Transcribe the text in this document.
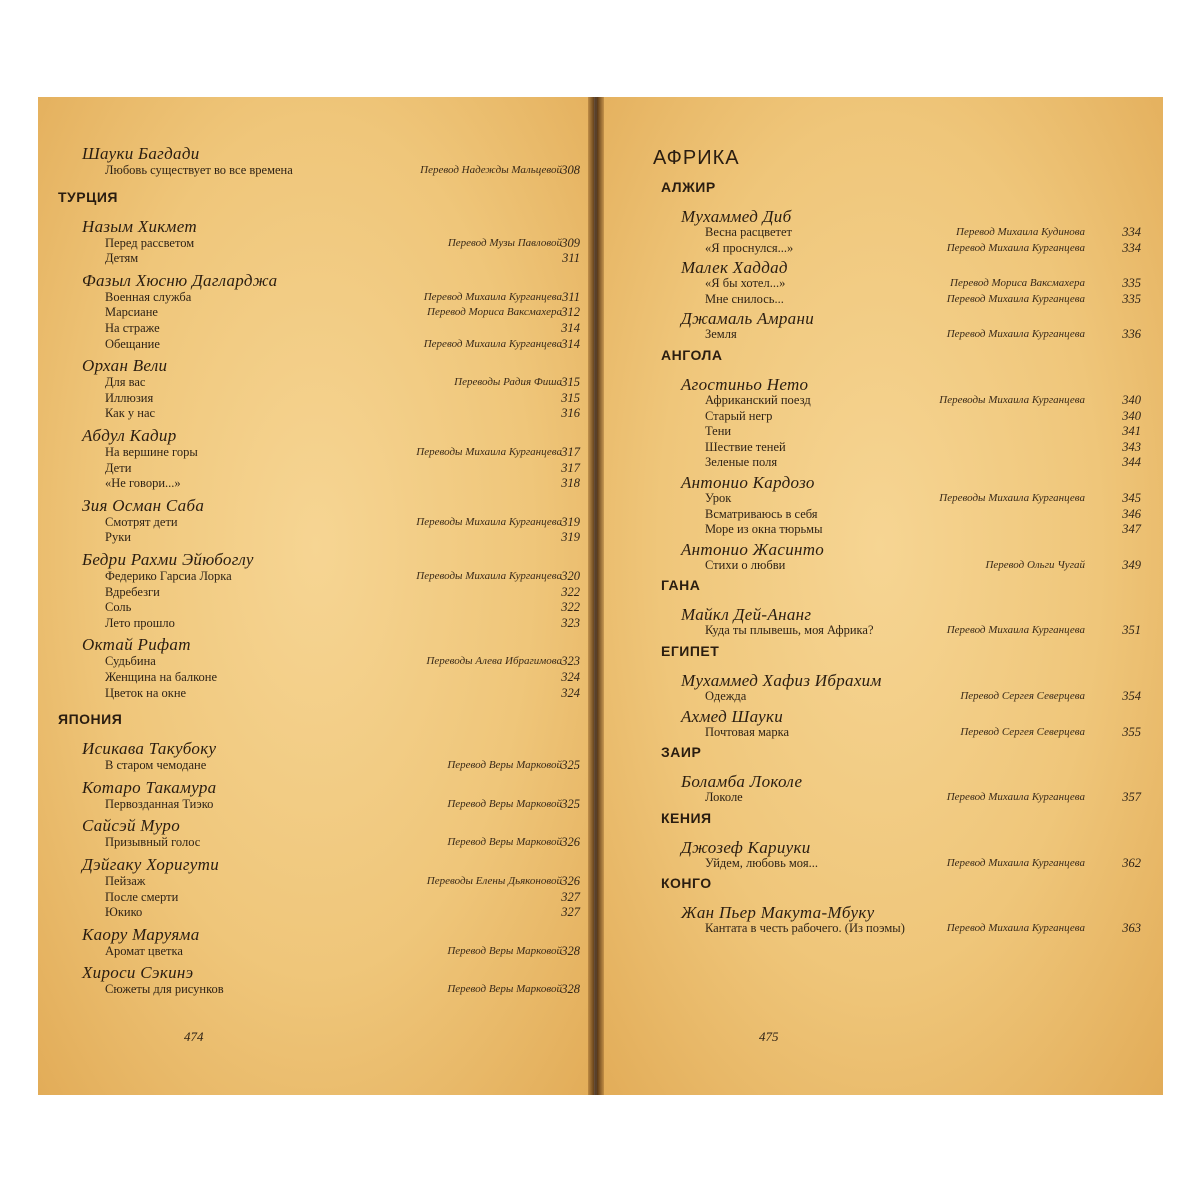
Шауки Багдади
Любовь существует во все времена	Перевод Надежды Мальцевой 308
ТУРЦИЯ
Назым Хикмет
Перед рассветом	Перевод Музы Павловой 309
Детям	311
Фазыл Хюсню Дагларджа
Военная служба	Перевод Михаила Курганцева 311
Марсиане	Перевод Мориса Ваксмахера 312
На страже	314
Обещание	Перевод Михаила Курганцева 314
Орхан Вели
Для вас	Переводы Радия Фиша 315
Иллюзия	315
Как у нас	316
Абдул Кадир
На вершине горы	Переводы Михаила Курганцева 317
Дети	317
«Не говори...»	318
Зия Осман Саба
Смотрят дети	Переводы Михаила Курганцева 319
Руки	319
Бедри Рахми Эйюбоглу
Федерико Гарсиа Лорка	Переводы Михаила Курганцева 320
Вдребезги	322
Соль	322
Лето прошло	323
Октай Рифат
Судьбина	Переводы Алева Ибрагимова 323
Женщина на балконе	324
Цветок на окне	324
ЯПОНИЯ
Исикава Такубоку
В старом чемодане	Перевод Веры Марковой 325
Котаро Такамура
Первозданная Тиэко	Перевод Веры Марковой 325
Сайсэй Муро
Призывный голос	Перевод Веры Марковой 326
Дэйгаку Хоригути
Пейзаж	Переводы Елены Дьяконовой 326
После смерти	327
Юкико	327
Каору Маруяма
Аромат цветка	Перевод Веры Марковой 328
Хироси Сэкинэ
Сюжеты для рисунков	Перевод Веры Марковой 328
474
АФРИКА
АЛЖИР
Мухаммед Диб
Весна расцветет	Перевод Михаила Кудинова	334
«Я проснулся...»	Перевод Михаила Курганцева	334
Малек Хаддад
«Я бы хотел...»	Перевод Мориса Ваксмахера	335
Мне снилось...	Перевод Михаила Курганцева	335
Джамаль Амрани
Земля	Перевод Михаила Курганцева	336
АНГОЛА
Агостиньо Нето
Африканский поезд	Переводы Михаила Курганцева	340
Старый негр	340
Тени	341
Шествие теней	343
Зеленые поля	344
Антонио Кардозо
Урок	Переводы Михаила Курганцева	345
Всматриваюсь в себя	346
Море из окна тюрьмы	347
Антонио Жасинто
Стихи о любви	Перевод Ольги Чугай	349
ГАНА
Майкл Дей-Ананг
Куда ты плывешь, моя Африка?	Перевод Михаила Курганцева	351
ЕГИПЕТ
Мухаммед Хафиз Ибрахим
Одежда	Перевод Сергея Северцева	354
Ахмед Шауки
Почтовая марка	Перевод Сергея Северцева	355
ЗАИР
Боламба Локоле
Локоле	Перевод Михаила Курганцева	357
КЕНИЯ
Джозеф Кариуки
Уйдем, любовь моя...	Перевод Михаила Курганцева	362
КОНГО
Жан Пьер Макута-Мбуку
Кантата в честь рабочего. (Из поэмы)	Перевод Михаила Курганцева	363
475
